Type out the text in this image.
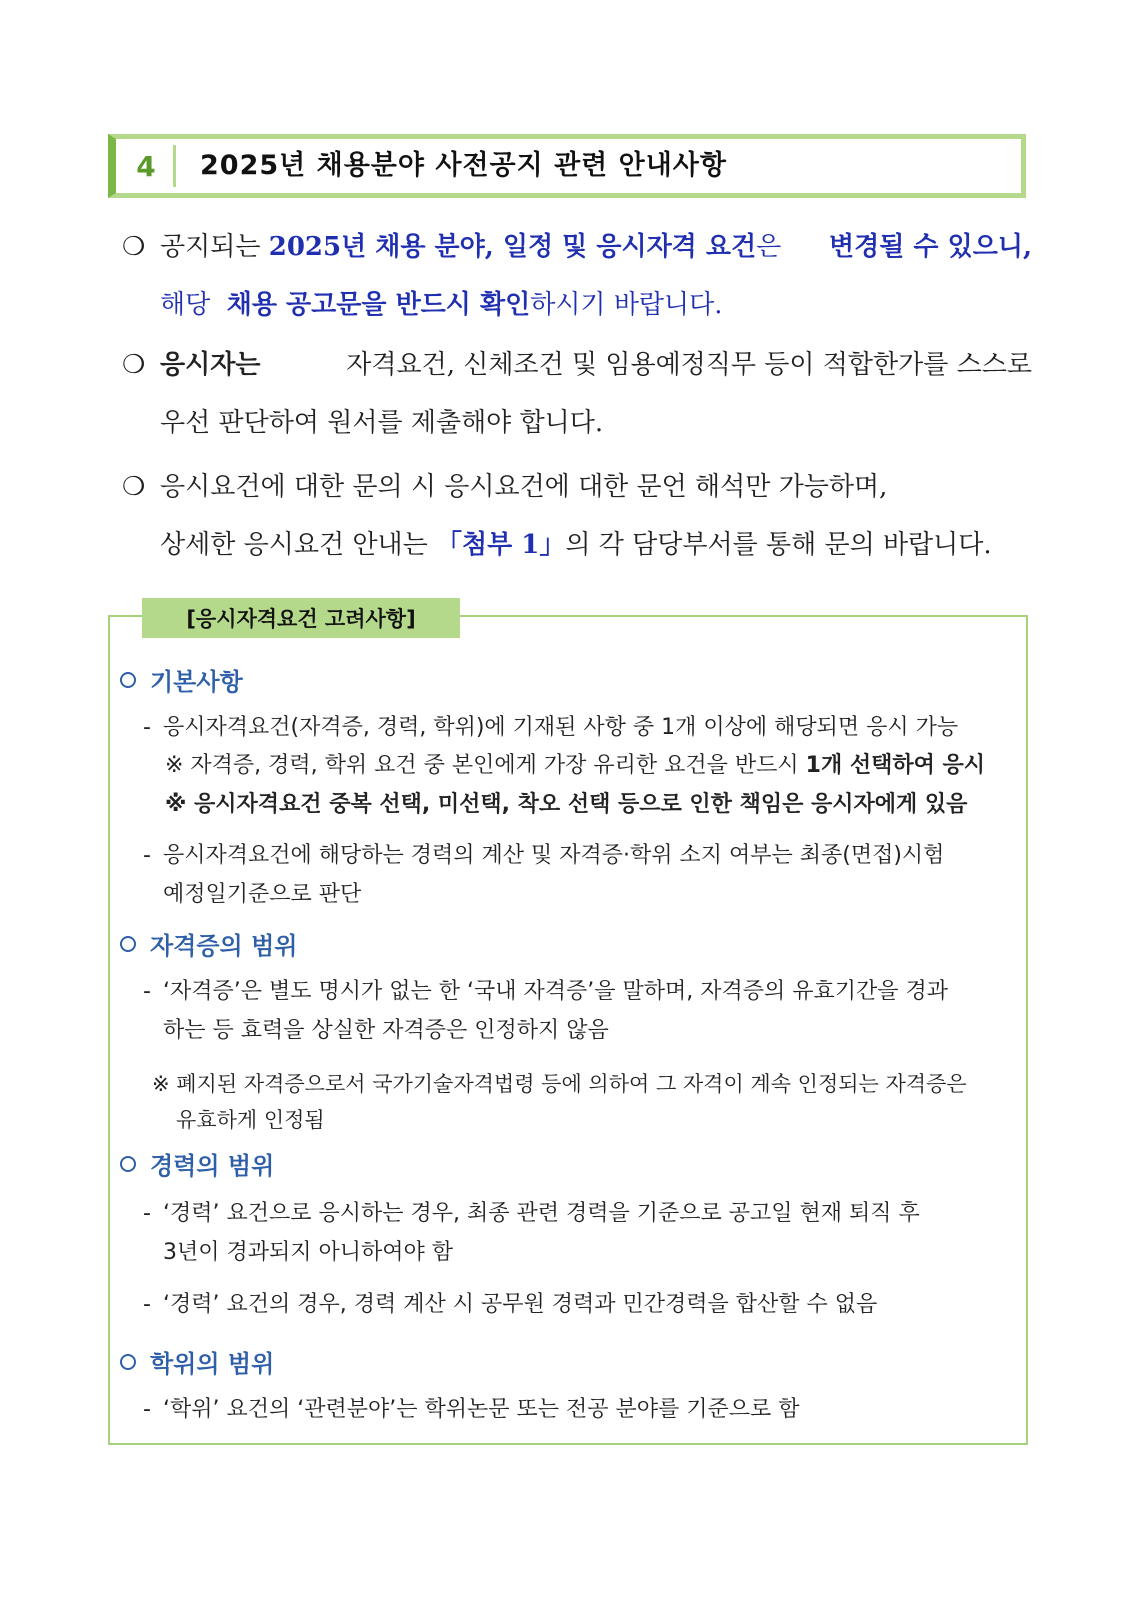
4	2025년 채용분야 사전공지 관련 안내사항
❍ 공지되는 2025년 채용 분야, 일정 및 응시자격 요건은 변경될 수 있으니,
해당
채용 공고문을 반드시 확인 하시기 바랍니다.
❍ 응시자는	자격요건, 신체조건 및 임용예정직무 등이 적합한가를 스스로
우선 판단하여 원서를 제출해야 합니다.
❍ 응시요건에 대한 문의 시 응시요건에 대한 문언 해석만 가능하며,
상세한 응시요건 안내는 「첨부 1」의 각 담당부서를 통해 문의 바랍니다.
[응시자격요건 고려사항]
기본사항
- 응시자격요건(자격증, 경력, 학위)에 기재된 사항 중 1개 이상에 해당되면 응시 가능
※ 자격증, 경력, 학위 요건 중 본인에게 가장 유리한 요건을 반드시 1개 선택하여 응시
※ 응시자격요건 중복 선택, 미선택, 착오 선택 등으로 인한 책임은 응시자에게 있음
- 응시자격요건에 해당하는 경력의 계산 및 자격증·학위 소지 여부는 최종(면접)시험
예정일기준으로 판단
자격증의 범위
- ‘자격증’은 별도 명시가 없는 한 ‘국내 자격증’을 말하며, 자격증의 유효기간을 경과
하는 등 효력을 상실한 자격증은 인정하지 않음
※ 폐지된 자격증으로서 국가기술자격법령 등에 의하여 그 자격이 계속 인정되는 자격증은
유효하게 인정됨
경력의 범위
- ‘경력’ 요건으로 응시하는 경우, 최종 관련 경력을 기준으로 공고일 현재 퇴직 후
3년이 경과되지 아니하여야 함
- ‘경력’ 요건의 경우, 경력 계산 시 공무원 경력과 민간경력을 합산할 수 없음
학위의 범위
- ‘학위’ 요건의 ‘관련분야’는 학위논문 또는 전공 분야를 기준으로 함
